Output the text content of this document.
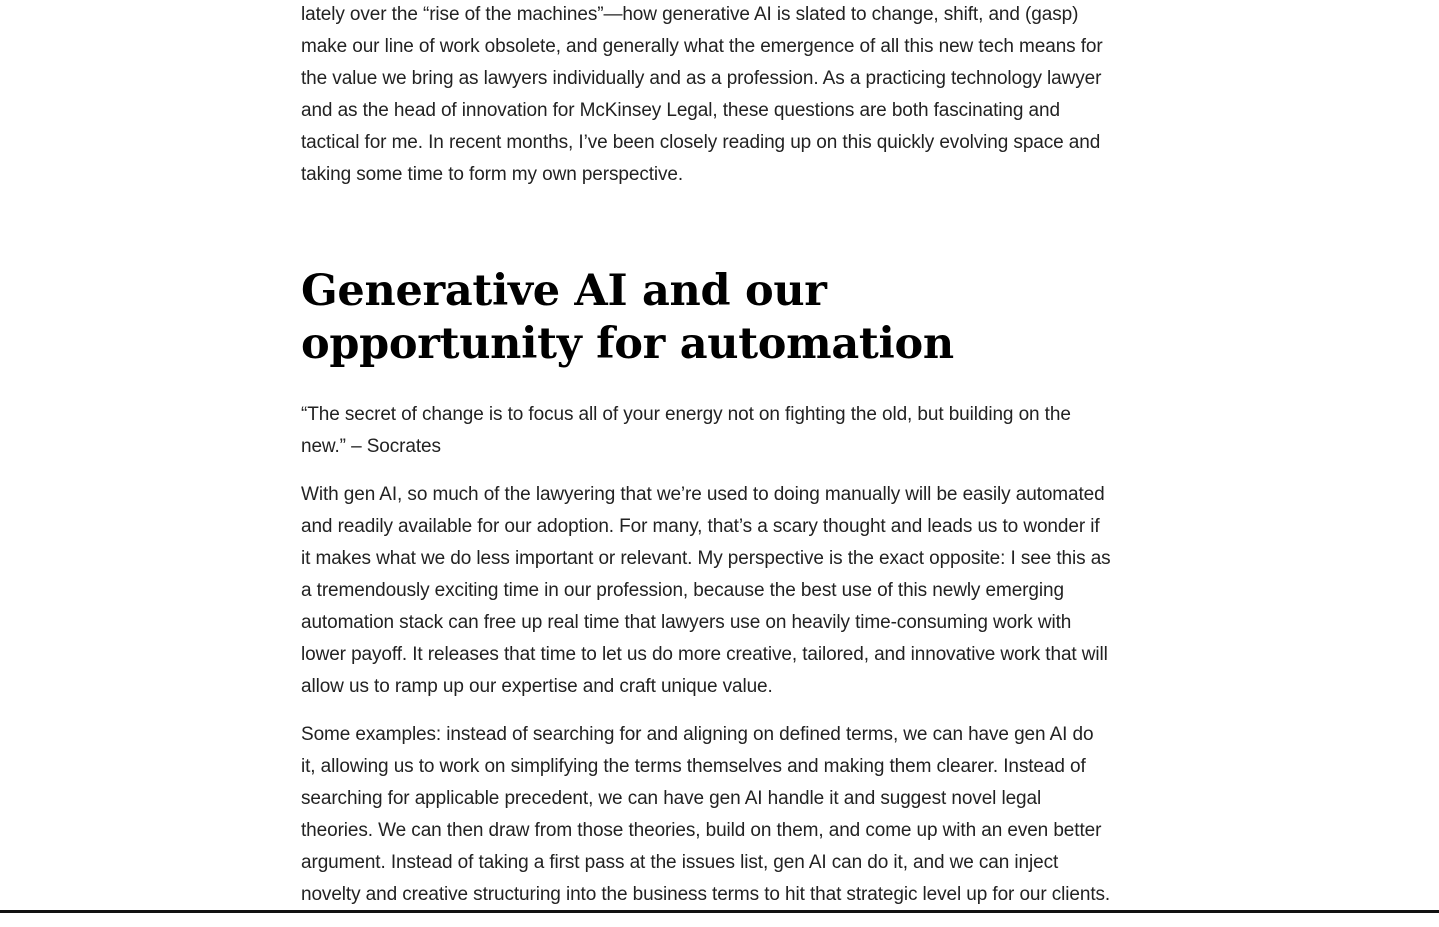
lately over the “rise of the machines”—how generative AI is slated to change, shift, and (gasp) make our line of work obsolete, and generally what the emergence of all this new tech means for the value we bring as lawyers individually and as a profession. As a practicing technology lawyer and as the head of innovation for McKinsey Legal, these questions are both fascinating and tactical for me. In recent months, I’ve been closely reading up on this quickly evolving space and taking some time to form my own perspective.

Generative AI and our opportunity for automation

“The secret of change is to focus all of your energy not on fighting the old, but building on the new.” – Socrates

With gen AI, so much of the lawyering that we’re used to doing manually will be easily automated and readily available for our adoption. For many, that’s a scary thought and leads us to wonder if it makes what we do less important or relevant. My perspective is the exact opposite: I see this as a tremendously exciting time in our profession, because the best use of this newly emerging automation stack can free up real time that lawyers use on heavily time-consuming work with lower payoff. It releases that time to let us do more creative, tailored, and innovative work that will allow us to ramp up our expertise and craft unique value.

Some examples: instead of searching for and aligning on defined terms, we can have gen AI do it, allowing us to work on simplifying the terms themselves and making them clearer. Instead of searching for applicable precedent, we can have gen AI handle it and suggest novel legal theories. We can then draw from those theories, build on them, and come up with an even better argument. Instead of taking a first pass at the issues list, gen AI can do it, and we can inject novelty and creative structuring into the business terms to hit that strategic level up for our clients.
